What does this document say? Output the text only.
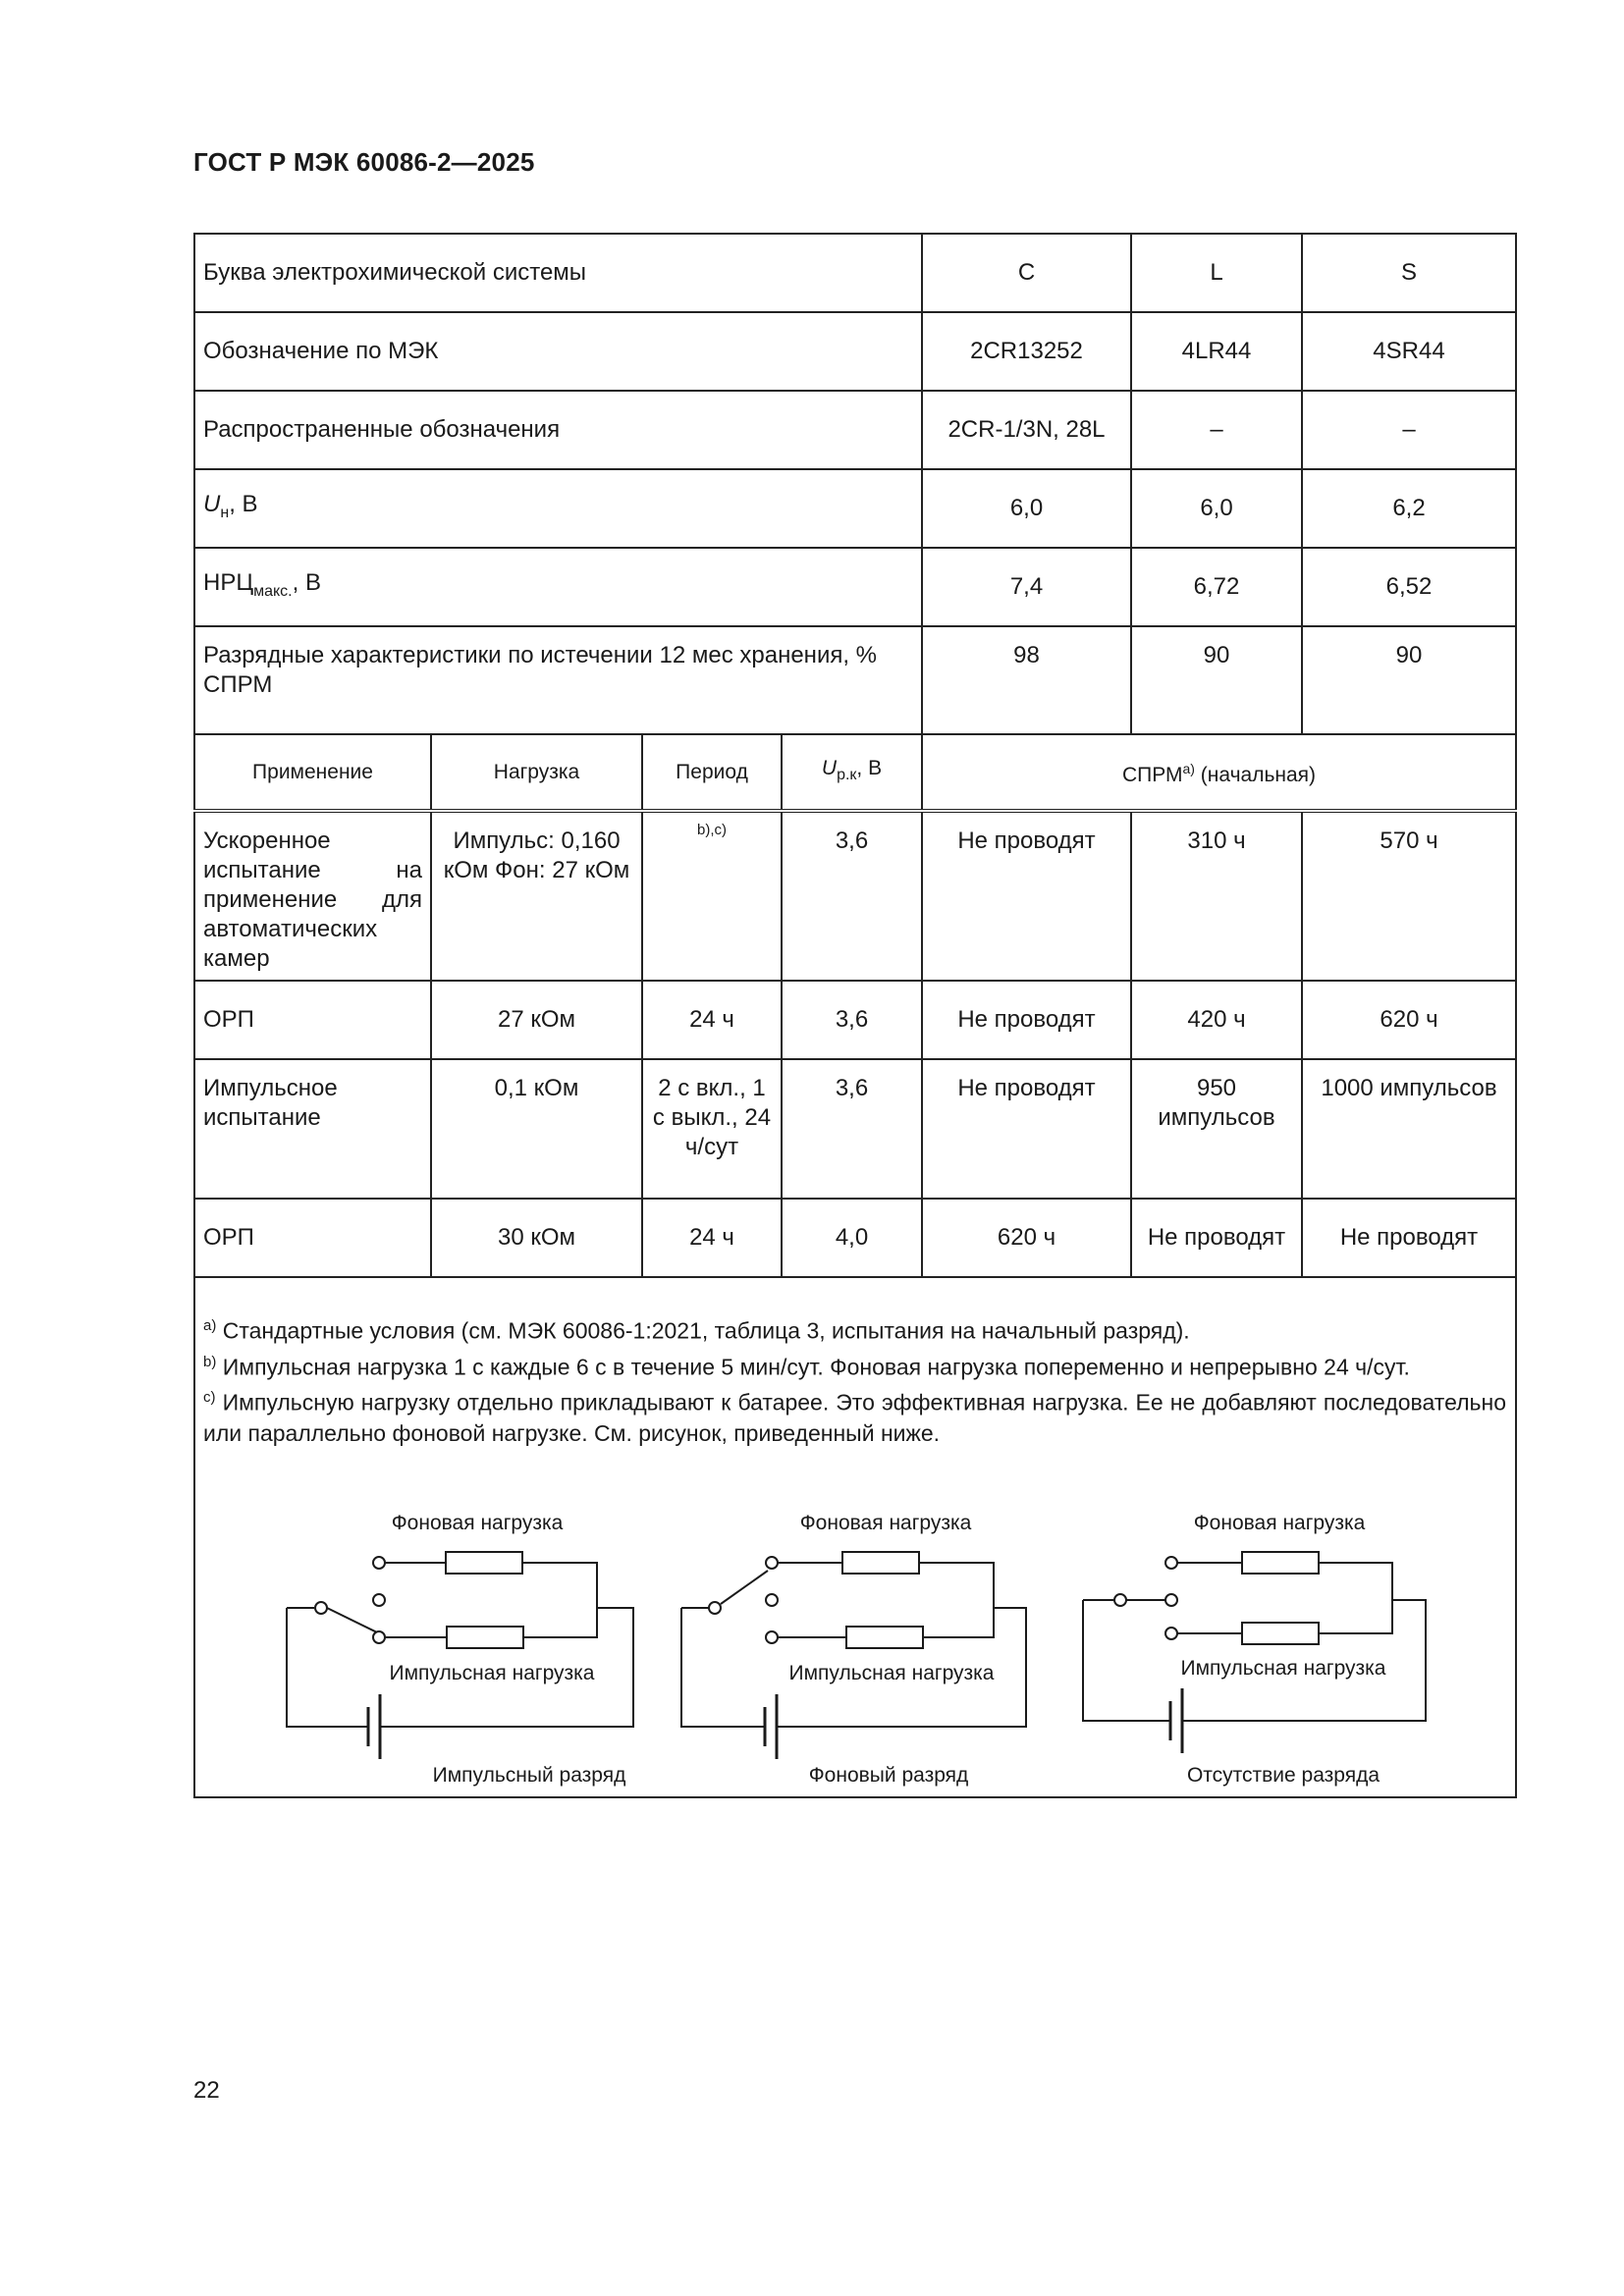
ГОСТ Р МЭК 60086-2—2025
Буква электрохимической системы				C	L	S
Обозначение по МЭК				2CR13252	4LR44	4SR44
Распространенные обозначения				2CR-1/3N, 28L	–	–
$U_н$, В				6,0	6,0	6,2
$НРЦ_{макс.}$, В				7,4	6,72	6,52
Разрядные характеристики по истечении 12 мес хранения, % СПРМ				98	90	90
Применение	Нагрузка	Период	$U_{р.к}$, В	СПРМ$^{a)}$ (начальная)		
Ускоренное испытание на применение для автоматических камер	Импульс: 0,160 кОм Фон: 27 кОм	b),c)	3,6	Не проводят	310 ч	570 ч
ОРП	27 кОм	24 ч	3,6	Не проводят	420 ч	620 ч
Импульсное испытание	0,1 кОм	2 с вкл., 1 с выкл., 24 ч/сут	3,6	Не проводят	950 импульсов	1000 импульсов
ОРП	30 кОм	24 ч	4,0	620 ч	Не проводят	Не проводят

$^{a)}$ Стандартные условия (см. МЭК 60086-1:2021, таблица 3, испытания на начальный разряд).

$^{b)}$ Импульсная нагрузка 1 с каждые 6 с в течение 5 мин/сут. Фоновая нагрузка попеременно и непрерывно 24 ч/сут.

$^{c)}$ Импульсную нагрузку отдельно прикладывают к батарее. Это эффективная нагрузка. Ее не добавляют последовательно или параллельно фоновой нагрузке. См. рисунок, приведенный ниже.

Фоновая нагрузка
Импульсная нагрузка
Импульсный разряд
Фоновая нагрузка
Импульсная нагрузка
Фоновый разряд
Фоновая нагрузка
Импульсная нагрузка
Отсутствие разряда
22
